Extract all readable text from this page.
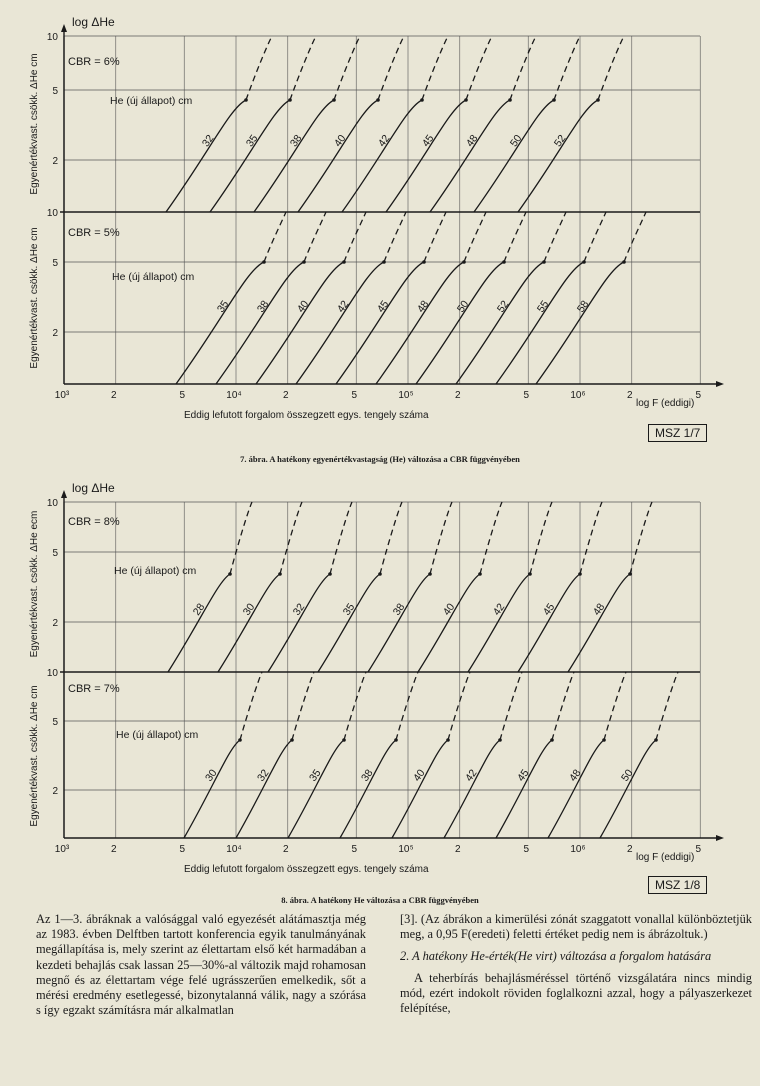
log ΔHe
10³	2	5	10⁴	2	5	10⁵	2	5	10⁶	2	5
log F (eddigi)
Eddig lefutott forgalom összegzett egys. tengely száma
10
5
2
10
Egyenértékvast. csökk. ΔHe cm	CBR = 6%
He (új állapot) cm
32	35	38	40	42	45	48	50	52
5
2
Egyenértékvast. csökk. ΔHe cm	CBR = 5%
He (új állapot) cm
35 38 40 42 45 48 50 52 55 58
MSZ 1/7
7. ábra. A hatékony egyenértékvastagság (He) változása a CBR függvényében
log ΔHe
10³	2	5	10⁴	2	5	10⁵	2	5	10⁶	2	5
log F (eddigi)
Eddig lefutott forgalom összegzett egys. tengely száma
10
5
2
10
Egyenértékvast. csökk. ΔHe ecm	CBR = 8%
He (új állapot) cm
28	30	32	35	38	40	42	45	48
5
2
Egyenértékvast. csökk. ΔHe cm	CBR = 7%
He (új állapot) cm
30	32	35	38	40	42	45	48	50
MSZ 1/8
8. ábra. A hatékony He változása a CBR függvényében

Az 1—3. ábráknak a valósággal való egyezését alátámasztja még az 1983. évben Delftben tartott konferencia egyik tanulmányának megállapítása is, mely szerint az élettartam első két harmadában a kezdeti behajlás csak lassan 25—30%-al változik majd rohamosan megnő és az élettartam vége felé ugrásszerűen emelkedik, sőt a mérési eredmény esetlegessé, bizonytalanná válik, nagy a szórása s így egzakt számításra már alkalmatlan

[3]. (Az ábrákon a kimerülési zónát szaggatott vonallal különböztetjük meg, a 0,95 F(eredeti) feletti értéket pedig nem is ábrázoltuk.)

2. A hatékony He-érték(He virt) változása a forgalom hatására

A teherbírás behajlásméréssel történő vizsgálatára nincs mindig mód, ezért indokolt röviden foglalkozni azzal, hogy a pályaszerkezet felépítése,
